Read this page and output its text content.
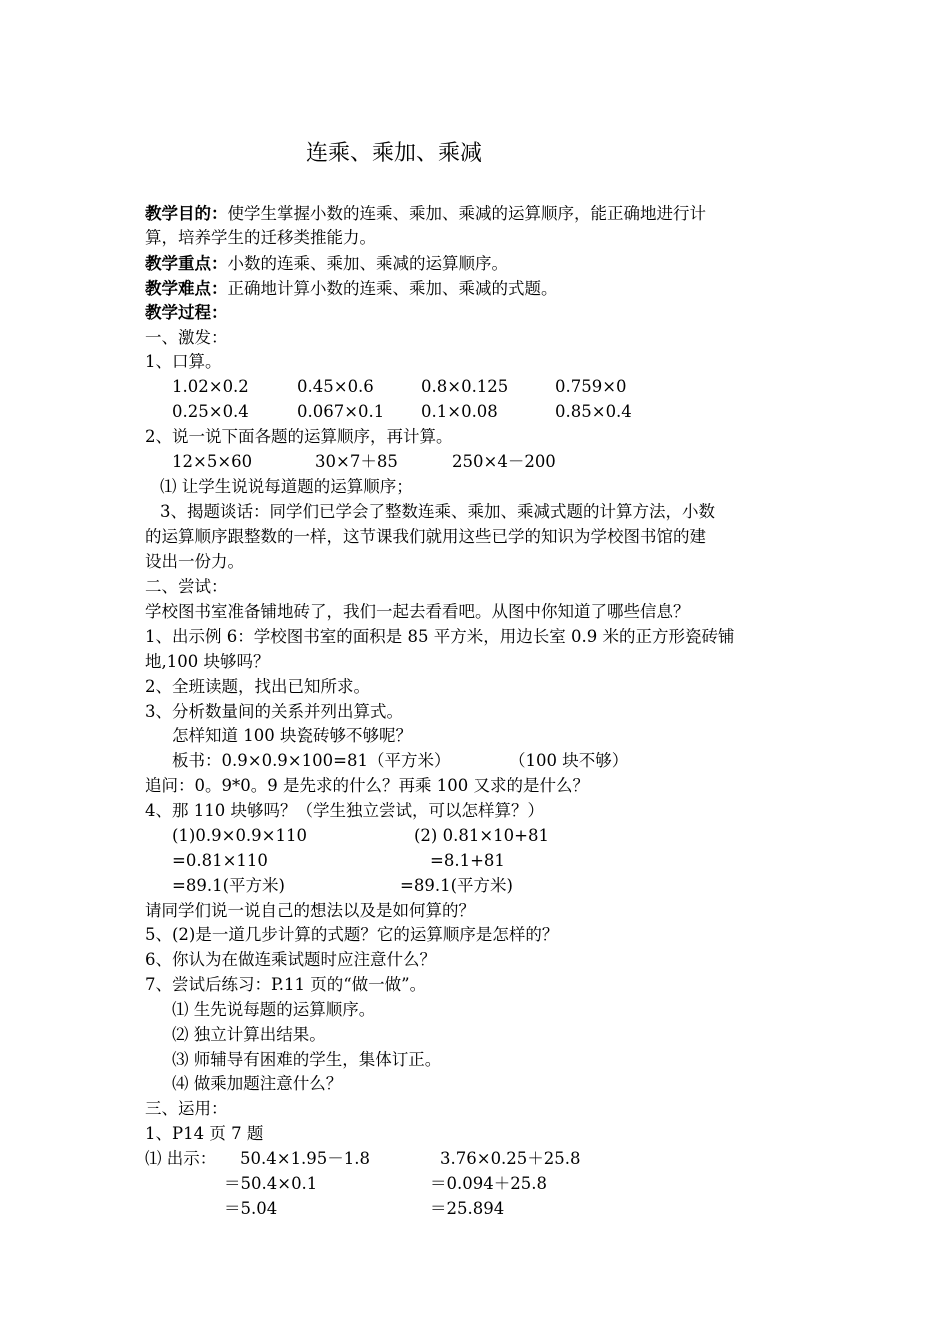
连乘、乘加、乘减
教学目的：使学生掌握小数的连乘、乘加、乘减的运算顺序，能正确地进行计
算，培养学生的迁移类推能力。
教学重点：小数的连乘、乘加、乘减的运算顺序。
教学难点：正确地计算小数的连乘、乘加、乘减的式题。
教学过程：
一、激发：
1、口算。
1.02×0.2	0.45×0.6	0.8×0.125	0.759×0
0.25×0.4	0.067×0.1 0.1×0.08	0.85×0.4
2、说一说下面各题的运算顺序，再计算。
12×5×60	30×7＋85	250×4－200
⑴ 让学生说说每道题的运算顺序；
3、揭题谈话：同学们已学会了整数连乘、乘加、乘减式题的计算方法，小数
的运算顺序跟整数的一样，这节课我们就用这些已学的知识为学校图书馆的建
设出一份力。
二、尝试：
学校图书室准备铺地砖了，我们一起去看看吧。从图中你知道了哪些信息？
1、出示例 6：学校图书室的面积是 85 平方米，用边长室 0.9 米的正方形瓷砖铺
地,100 块够吗？
2、全班读题，找出已知所求。
3、分析数量间的关系并列出算式。
怎样知道 100 块瓷砖够不够呢？
板书：0.9×0.9×100=81（平方米）	（100 块不够）
追问：0。9*0。9 是先求的什么？再乘 100 又求的是什么？
4、那 110 块够吗？（学生独立尝试，可以怎样算？）
(1)0.9×0.9×110	(2) 0.81×10+81
=0.81×110	=8.1+81
=89.1(平方米)	=89.1(平方米)
请同学们说一说自己的想法以及是如何算的？
5、(2)是一道几步计算的式题？它的运算顺序是怎样的？
6、你认为在做连乘试题时应注意什么？
7、尝试后练习：P.11 页的“做一做”。
⑴ 生先说每题的运算顺序。
⑵ 独立计算出结果。
⑶ 师辅导有困难的学生，集体订正。
⑷ 做乘加题注意什么？
三、运用：
1、P14 页 7 题
⑴ 出示： 50.4×1.95－1.8	3.76×0.25＋25.8
＝50.4×0.1	＝0.094＋25.8
＝5.04	＝25.894
